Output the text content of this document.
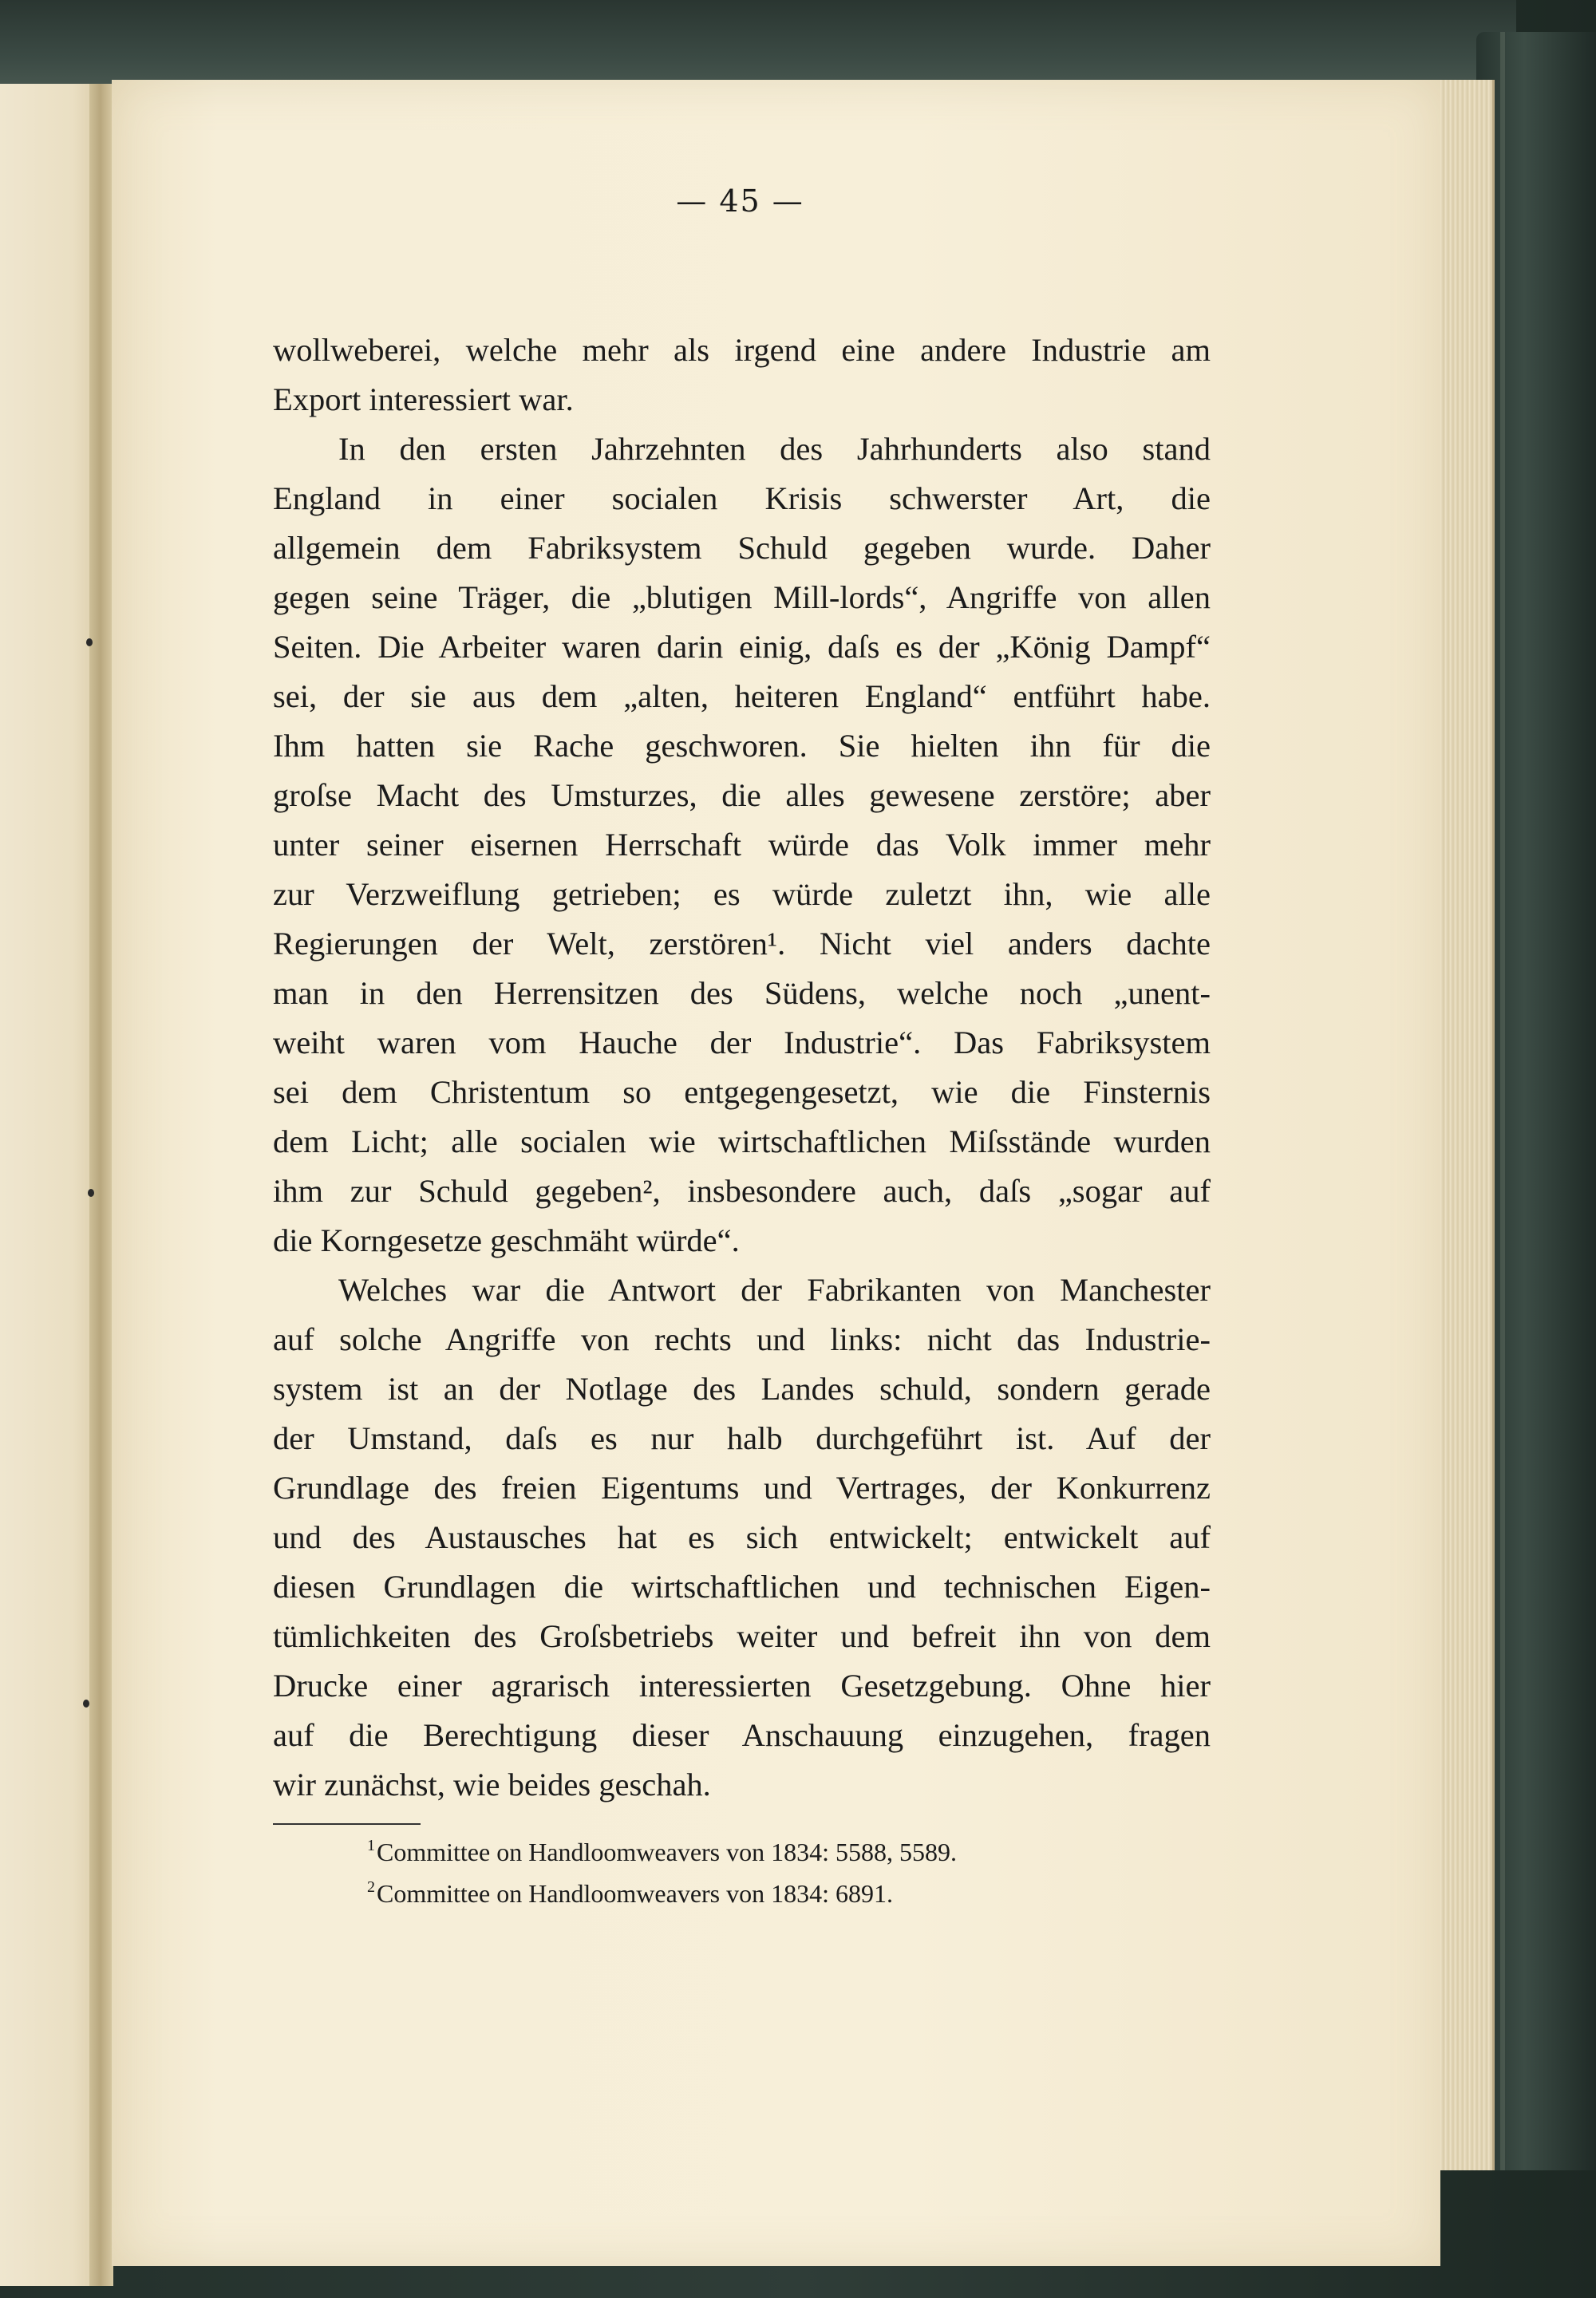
— 45 —
wollweberei, welche mehr als irgend eine andere Industrie am
Export interessiert war.
In den ersten Jahrzehnten des Jahrhunderts also stand
England in einer socialen Krisis schwerster Art, die
allgemein dem Fabriksystem Schuld gegeben wurde. Daher
gegen seine Träger, die „blutigen Mill-lords“, Angriffe von allen
Seiten. Die Arbeiter waren darin einig, daſs es der „König Dampf“
sei, der sie aus dem „alten, heiteren England“ entführt habe.
Ihm hatten sie Rache geschworen. Sie hielten ihn für die
groſse Macht des Umsturzes, die alles gewesene zerstöre; aber
unter seiner eisernen Herrschaft würde das Volk immer mehr
zur Verzweiflung getrieben; es würde zuletzt ihn, wie alle
Regierungen der Welt, zerstören¹. Nicht viel anders dachte
man in den Herrensitzen des Südens, welche noch „unent-
weiht waren vom Hauche der Industrie“. Das Fabriksystem
sei dem Christentum so entgegengesetzt, wie die Finsternis
dem Licht; alle socialen wie wirtschaftlichen Miſsstände wurden
ihm zur Schuld gegeben², insbesondere auch, daſs „sogar auf
die Korngesetze geschmäht würde“.
Welches war die Antwort der Fabrikanten von Manchester
auf solche Angriffe von rechts und links: nicht das Industrie-
system ist an der Notlage des Landes schuld, sondern gerade
der Umstand, daſs es nur halb durchgeführt ist. Auf der
Grundlage des freien Eigentums und Vertrages, der Konkurrenz
und des Austausches hat es sich entwickelt; entwickelt auf
diesen Grundlagen die wirtschaftlichen und technischen Eigen-
tümlichkeiten des Groſsbetriebs weiter und befreit ihn von dem
Drucke einer agrarisch interessierten Gesetzgebung. Ohne hier
auf die Berechtigung dieser Anschauung einzugehen, fragen
wir zunächst, wie beides geschah.
1 Committee on Handloomweavers von 1834: 5588, 5589.
2 Committee on Handloomweavers von 1834: 6891.
